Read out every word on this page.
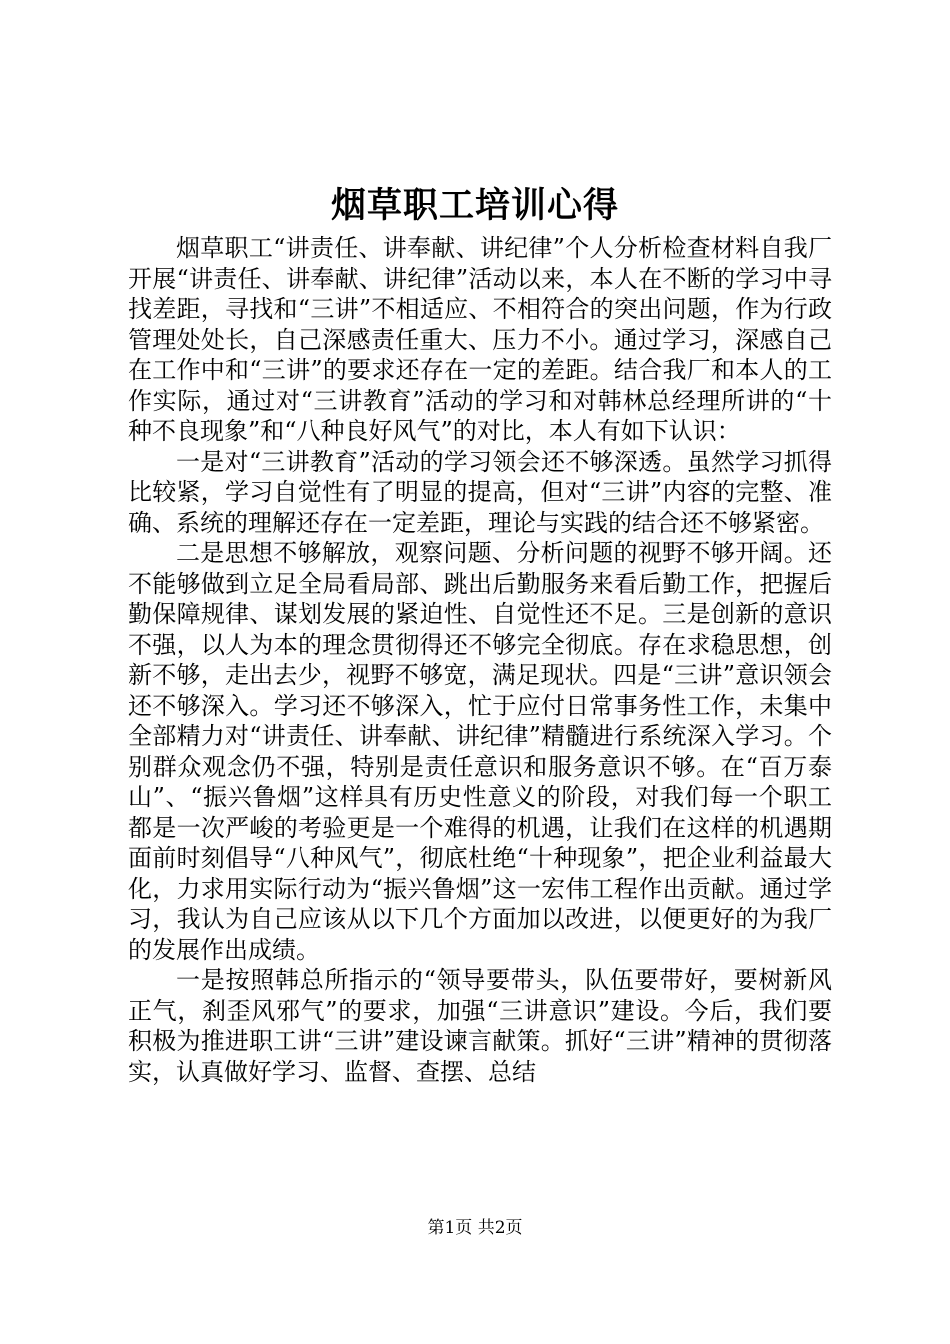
烟草职工培训心得

烟草职工“讲责任、讲奉献、讲纪律”个人分析检查材料自我厂开展“讲责任、讲奉献、讲纪律”活动以来，本人在不断的学习中寻找差距，寻找和“三讲”不相适应、不相符合的突出问题，作为行政管理处处长，自己深感责任重大、压力不小。通过学习，深感自己在工作中和“三讲”的要求还存在一定的差距。结合我厂和本人的工作实际，通过对“三讲教育”活动的学习和对韩林总经理所讲的“十种不良现象”和“八种良好风气”的对比，本人有如下认识：

一是对“三讲教育”活动的学习领会还不够深透。虽然学习抓得比较紧，学习自觉性有了明显的提高，但对“三讲”内容的完整、准确、系统的理解还存在一定差距，理论与实践的结合还不够紧密。

二是思想不够解放，观察问题、分析问题的视野不够开阔。还不能够做到立足全局看局部、跳出后勤服务来看后勤工作，把握后勤保障规律、谋划发展的紧迫性、自觉性还不足。三是创新的意识不强，以人为本的理念贯彻得还不够完全彻底。存在求稳思想，创新不够，走出去少，视野不够宽，满足现状。四是“三讲”意识领会还不够深入。学习还不够深入，忙于应付日常事务性工作，未集中全部精力对“讲责任、讲奉献、讲纪律”精髓进行系统深入学习。个别群众观念仍不强，特别是责任意识和服务意识不够。在“百万泰山”、“振兴鲁烟”这样具有历史性意义的阶段，对我们每一个职工都是一次严峻的考验更是一个难得的机遇，让我们在这样的机遇期面前时刻倡导“八种风气”，彻底杜绝“十种现象”，把企业利益最大化，力求用实际行动为“振兴鲁烟”这一宏伟工程作出贡献。通过学习，我认为自己应该从以下几个方面加以改进，以便更好的为我厂的发展作出成绩。

一是按照韩总所指示的“领导要带头，队伍要带好，要树新风正气，刹歪风邪气”的要求，加强“三讲意识”建设。今后，我们要积极为推进职工讲“三讲”建设谏言献策。抓好“三讲”精神的贯彻落实，认真做好学习、监督、查摆、总结

第1页 共2页
